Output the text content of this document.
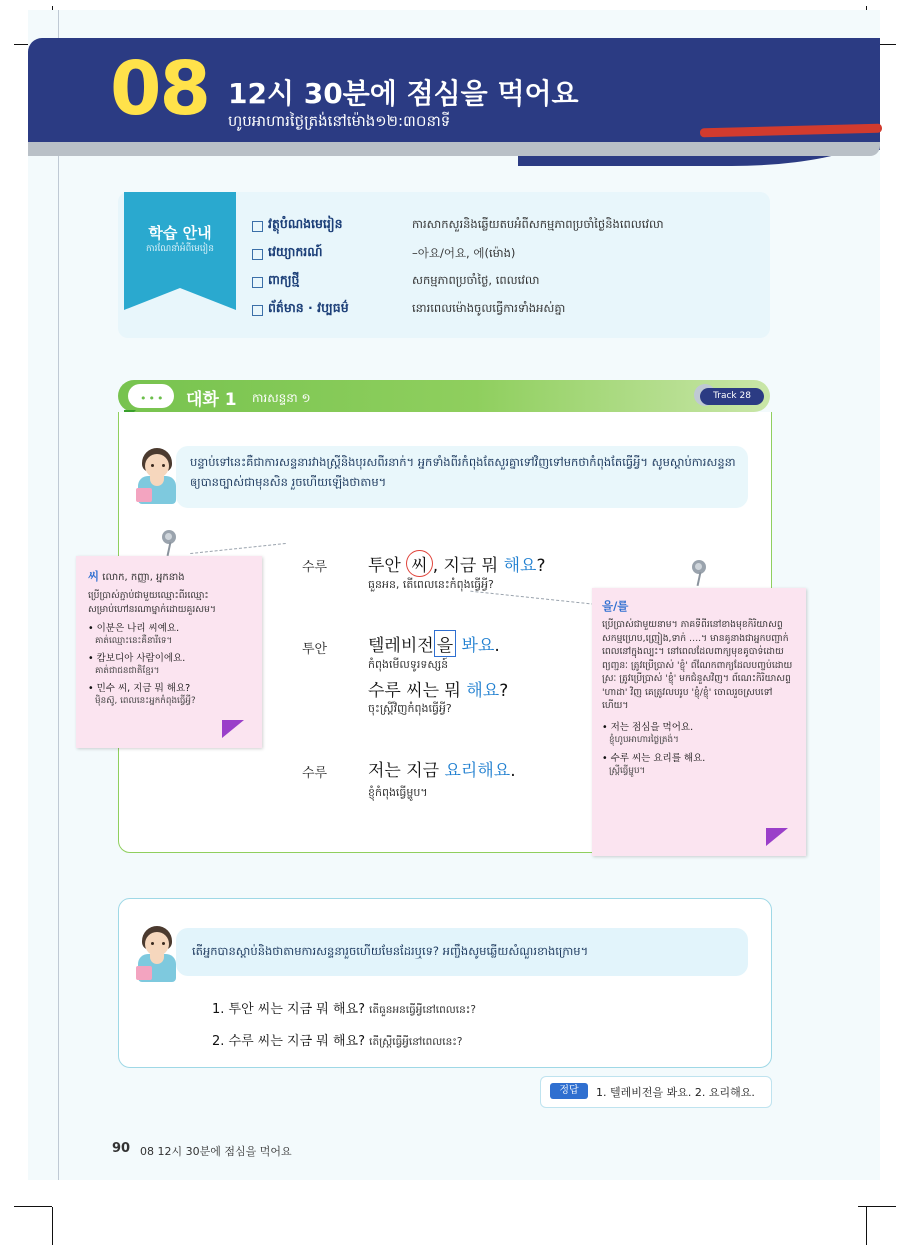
08 12시 30분에 점심을 먹어요
ហូបអាហារថ្ងៃត្រង់នៅម៉ោង១២:៣០នាទី
학습 안내
ការណែនាំអំពីមេរៀន
វត្ថុបំណងមេរៀន	ការសាកសួរនិងឆ្លើយតបអំពីសកម្មភាពប្រចាំថ្ងៃនិងពេលវេលា
វេយ្យាករណ៍	–아요/어요, 에(ម៉ោង)
ពាក្យថ្មី	សកម្មភាពប្រចាំថ្ងៃ, ពេលវេលា
ព័ត៌មាន · វប្បធម៌	នោរពេលម៉ោងចូលធ្វើការទាំងអស់គ្នា
••• 대화 1 ការសន្ទនា ១	Track 28
បន្ទាប់ទៅនេះគឺជាការសន្ទនារវាងស្ត្រីនិងបុរសពីរនាក់។ អ្នកទាំងពីរកំពុងតែសួរគ្នាទៅវិញទៅមកថាកំពុងតែធ្វើអ្វី។ សូមស្តាប់ការសន្ទនាឲ្យបានច្បាស់ជាមុនសិន រួចហើយឡើងថាតាម។
수루 투안 씨 , 지금 뭐 해요?
ធួនអន, តើពេលនេះកំពុងធ្វើអ្វី?
투안 텔레비전 을 봐요.
កំពុងមើលទូរទស្សន៍
수루 씨는 뭐 해요?
ចុះស្ត្រីវិញកំពុងធ្វើអ្វី?
수루 저는 지금 요리해요.
ខ្ញុំកំពុងធ្វើម្ហូប។
씨 លោក, កញ្ញា, អ្នកនាង
ប្រើប្រាស់ភ្ជាប់ជាមួយឈ្មោះពីរឈ្មោះ សម្រាប់ហៅនរណាម្នាក់ដោយគួរសម។
• 이분은 나리 씨예요.
គាត់ឈ្មោះនេះគឺនារីទេ។
• 캄보디아 사람이에요.
គាត់ជាជនជាតិខ្មែរ។
• 민수 씨, 지금 뭐 해요?
ម៉ិនស៊ូ, ពេលនេះអ្នកកំពុងធ្វើអ្វី?
을/를
ប្រើប្រាស់ជាមួយនាម។ ភាគទីពីរនៅខាងមុខកិរិយាសព្ទសកម្មហ្រេប,ញ្រៀង,ទាក់ ….។ មានគូនាងជាអ្នកបញ្ជាក់ពេលនៅក្នុងល្បះ។ នៅពេលដែលពាក្យមុខគូបាទ់ដោយព្យញ្ជនៈ ត្រូវប្រើប្រាស់ 'ខ្ញុំ' ព័ណែកពាក្យដែលបញ្ចប់ដោយស្រៈ ត្រូវប្រើប្រាស់ 'ខ្ញុំ' មកជំនួសវិញ។ ព័ណេះកិរិយាសព្ទ 'ហាដា' វិញ គេត្រូវលបរូប 'ខ្ញុំ/ខ្ញុំ' ចោលរួចស្របទៅហើយ។
• 저는 점심을 먹어요.
ខ្ញុំហូបអាហារថ្ងៃត្រង់។
• 수루 씨는 요리를 해요.
ស្ត្រីធ្វើម្ហូប។
តើអ្នកបានស្តាប់និងថាតាមការសន្ទនារួចហើយមែនដែរឬទេ? អញ្ចឹងសូមឆ្លើយសំណួរខាងក្រោម។
1. 투안 씨는 지금 뭐 해요? តើធួនអនធ្វើអ្វីនៅពេលនេះ?
2. 수루 씨는 지금 뭐 해요? តើស្ត្រីធ្វើអ្វីនៅពេលនេះ?
정답	1. 텔레비전을 봐요. 2. 요리해요.
90 08 12시 30분에 점심을 먹어요
